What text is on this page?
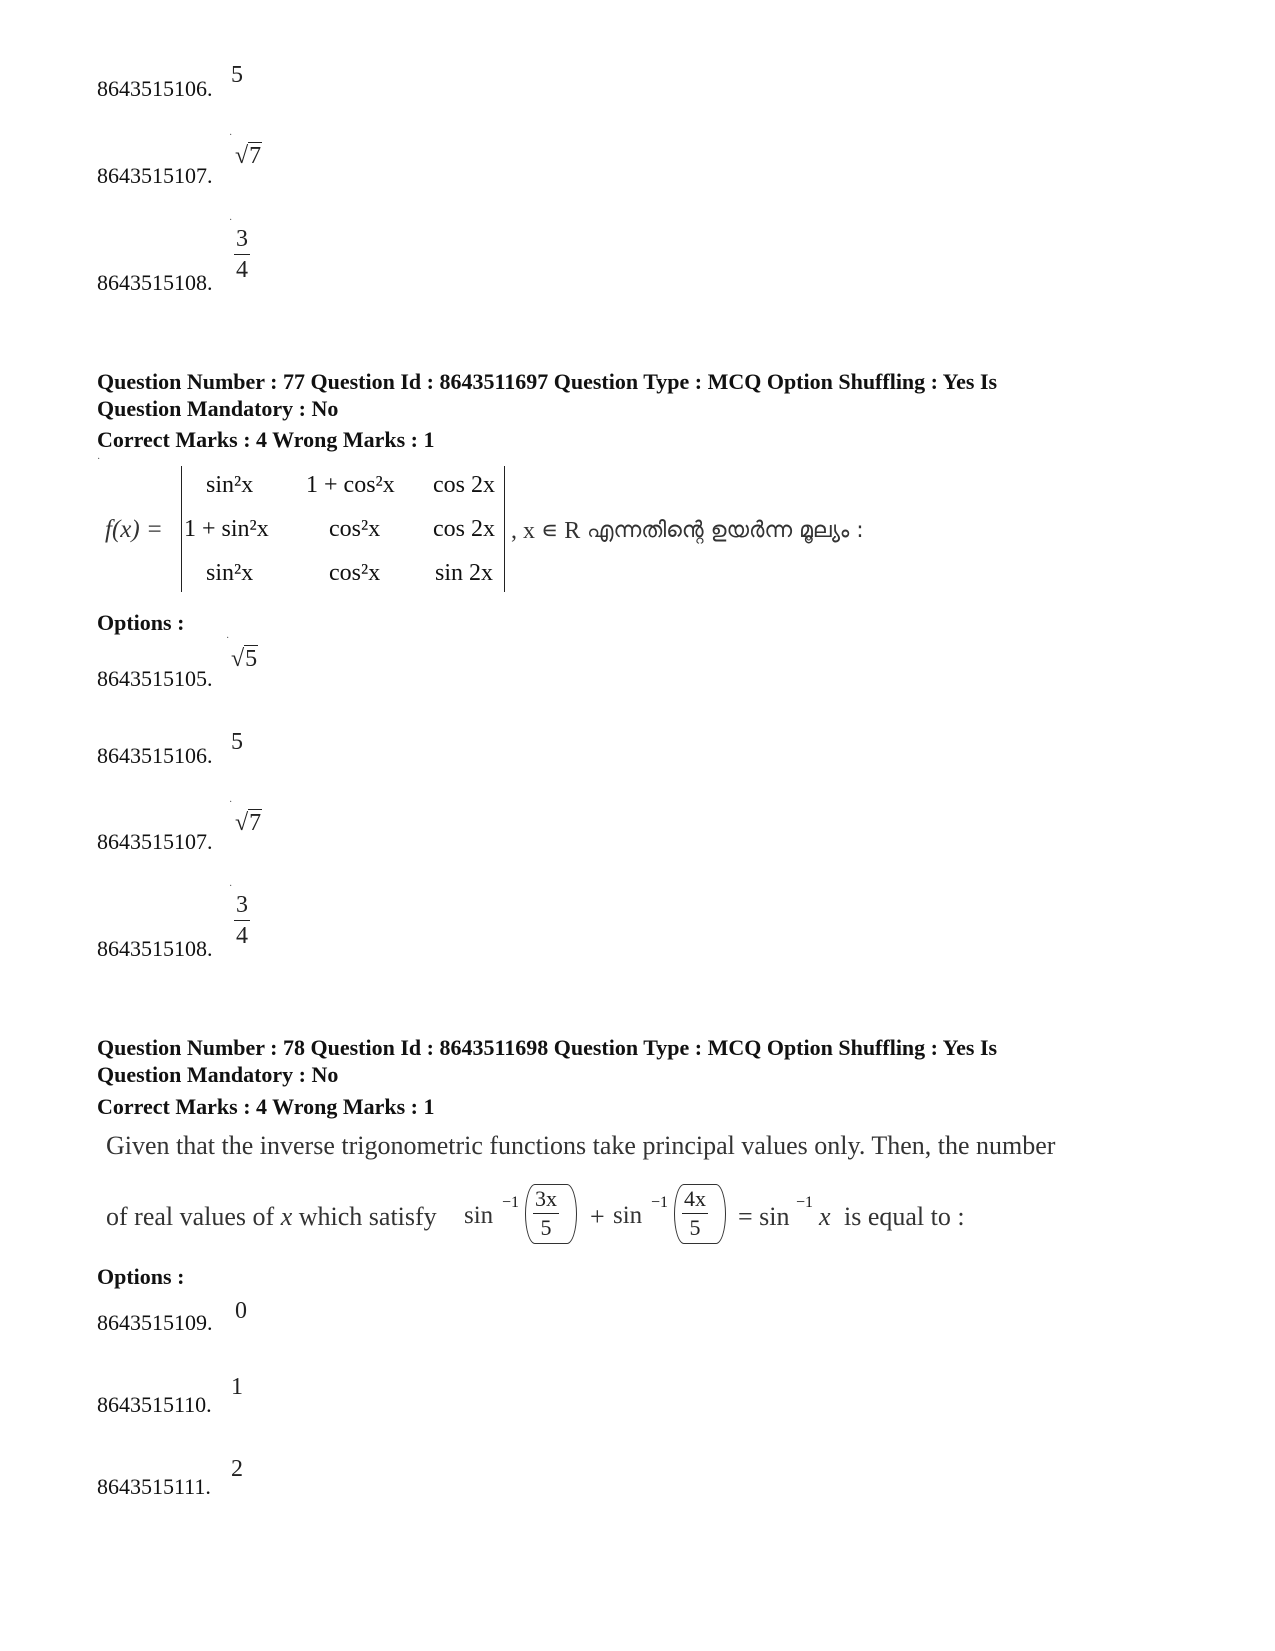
8643515106.
5
8643515107.
·
√7
8643515108.
·
$\frac{3}{4}$
Question Number : 77 Question Id : 8643511697 Question Type : MCQ Option Shuffling : Yes Is
Question Mandatory : No
Correct Marks : 4 Wrong Marks : 1
·
f(x) =
sin²x 1 + cos²x cos 2x
1 + sin²x	cos²x cos 2x
sin²x	cos²x sin 2x
, x ∊ R എന്നതിന്റെ ഉയർന്ന മൂല്യം :
Options :
8643515105.
·
√5
8643515106.
5
8643515107.
·
√7
8643515108.
·
$\frac{3}{4}$
Question Number : 78 Question Id : 8643511698 Question Type : MCQ Option Shuffling : Yes Is
Question Mandatory : No
Correct Marks : 4 Wrong Marks : 1
Given that the inverse trigonometric functions take principal values only. Then, the number
of real values of x which satisfy $\sin -1 \frac{3x}{5} + \sin -1 \frac{4x}{5} = \sin -1$ x is equal to :
Options :
8643515109. 0
8643515110.
1
8643515111.
2
